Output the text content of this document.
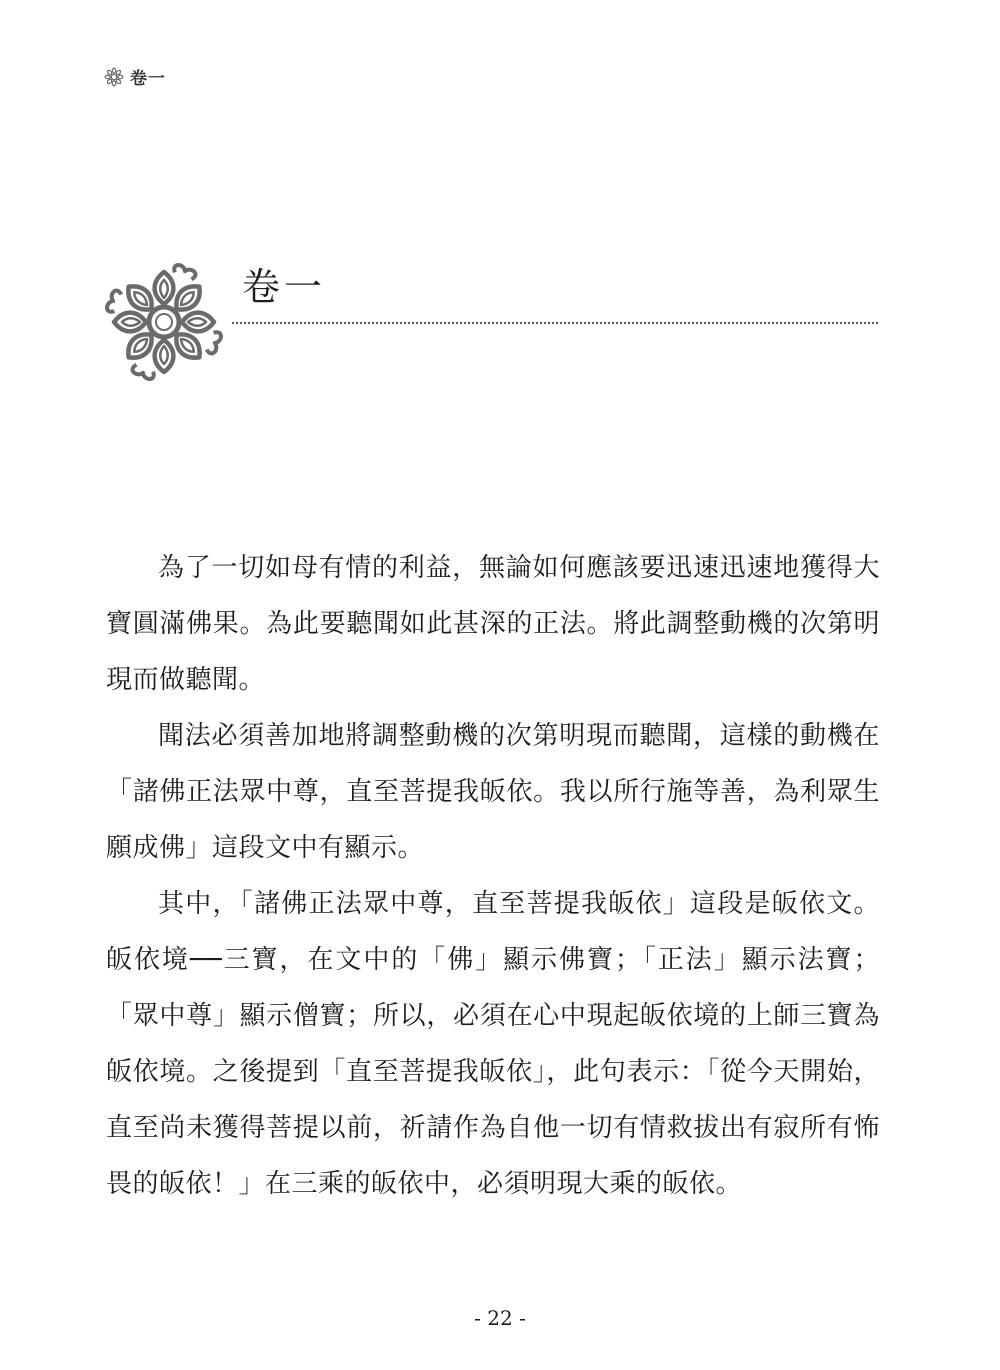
卷一
卷一

為了一切如母有情的利益，無論如何應該要迅速迅速地獲得大寶圓滿佛果。為此要聽聞如此甚深的正法。將此調整動機的次第明現而做聽聞。

聞法必須善加地將調整動機的次第明現而聽聞，這樣的動機在「諸佛正法眾中尊，直至菩提我皈依。我以所行施等善，為利眾生願成佛」這段文中有顯示。

其中，「諸佛正法眾中尊，直至菩提我皈依」這段是皈依文。皈依境──三寶，在文中的「佛」顯示佛寶；「正法」顯示法寶；「眾中尊」顯示僧寶；所以，必須在心中現起皈依境的上師三寶為皈依境。之後提到「直至菩提我皈依」，此句表示：「從今天開始，直至尚未獲得菩提以前，祈請作為自他一切有情救拔出有寂所有怖畏的皈依！」在三乘的皈依中，必須明現大乘的皈依。

- 22 -
